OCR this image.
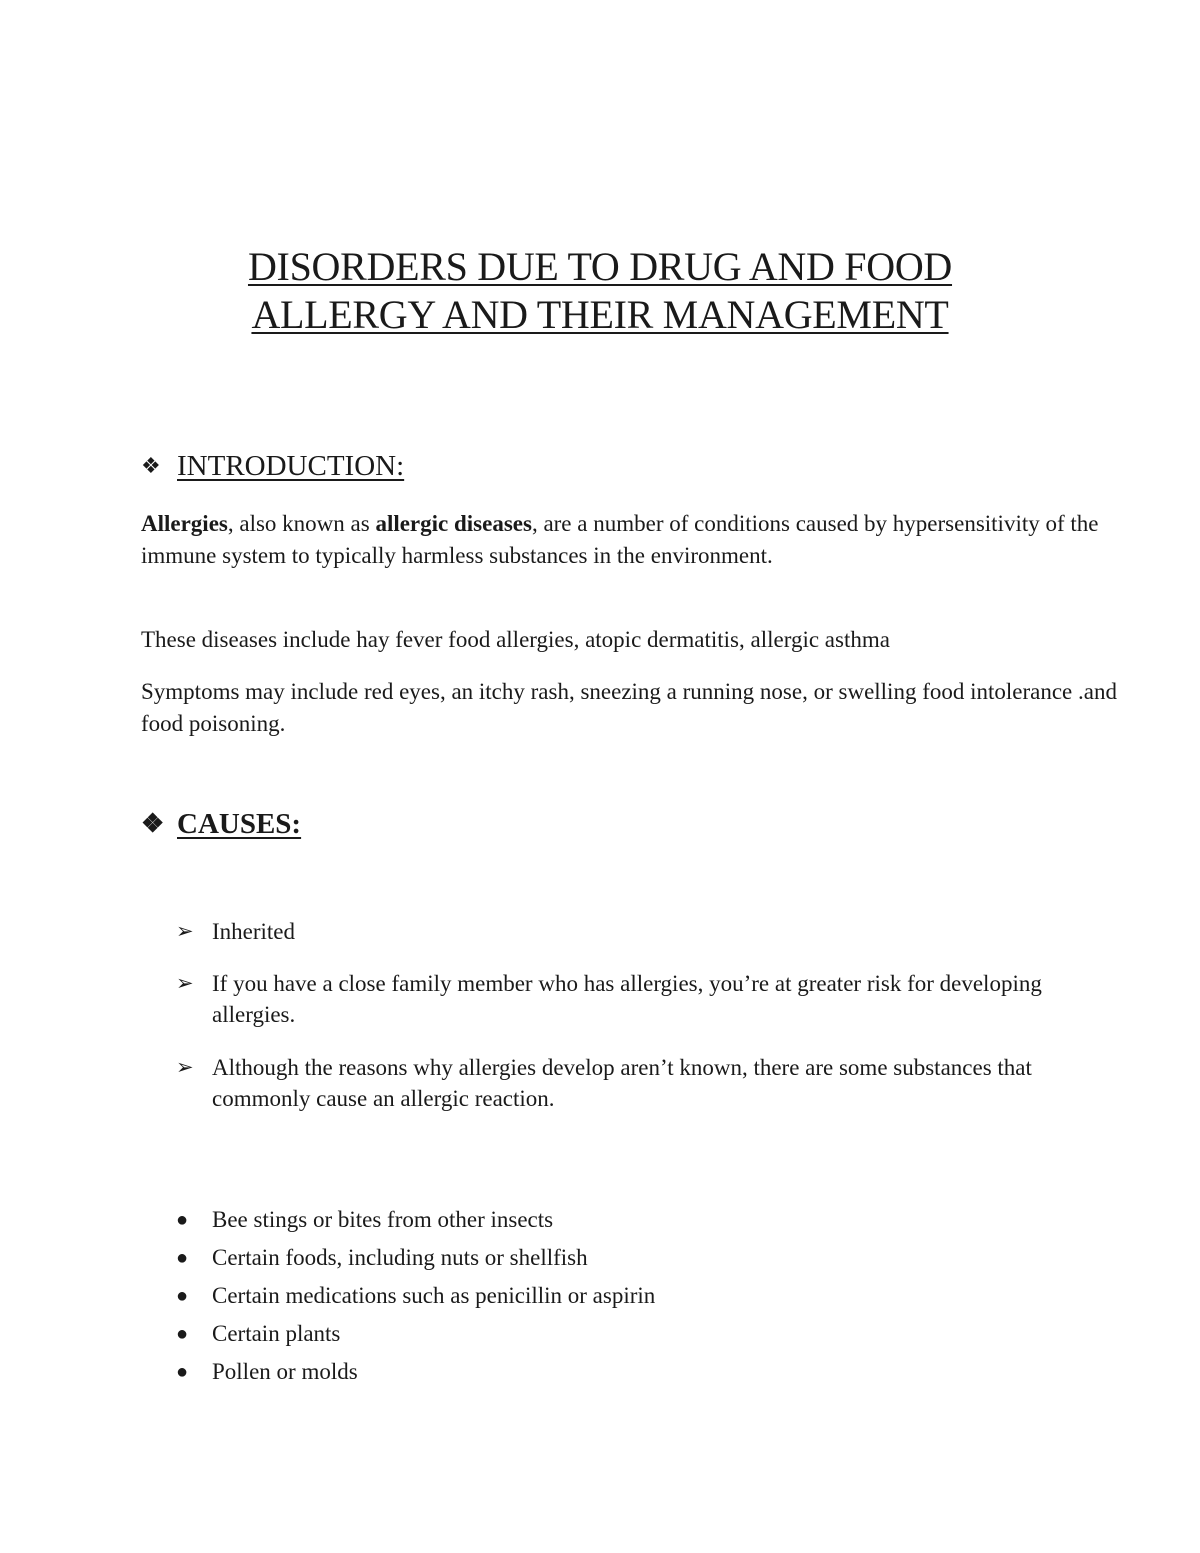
DISORDERS DUE TO DRUG AND FOOD
ALLERGY AND THEIR MANAGEMENT
❖ INTRODUCTION:

Allergies, also known as allergic diseases, are a number of conditions caused by hypersensitivity of the immune system to typically harmless substances in the environment.

These diseases include hay fever food allergies, atopic dermatitis, allergic asthma

Symptoms may include red eyes, an itchy rash, sneezing a running nose, or swelling food intolerance .and food poisoning.

❖ CAUSES:
➢ Inherited
➢ If you have a close family member who has allergies, you’re at greater risk for developing allergies.
➢ Although the reasons why allergies develop aren’t known, there are some substances that commonly cause an allergic reaction.
●	Bee stings or bites from other insects
●	Certain foods, including nuts or shellfish
●	Certain medications such as penicillin or aspirin
●	Certain plants
●	Pollen or molds
